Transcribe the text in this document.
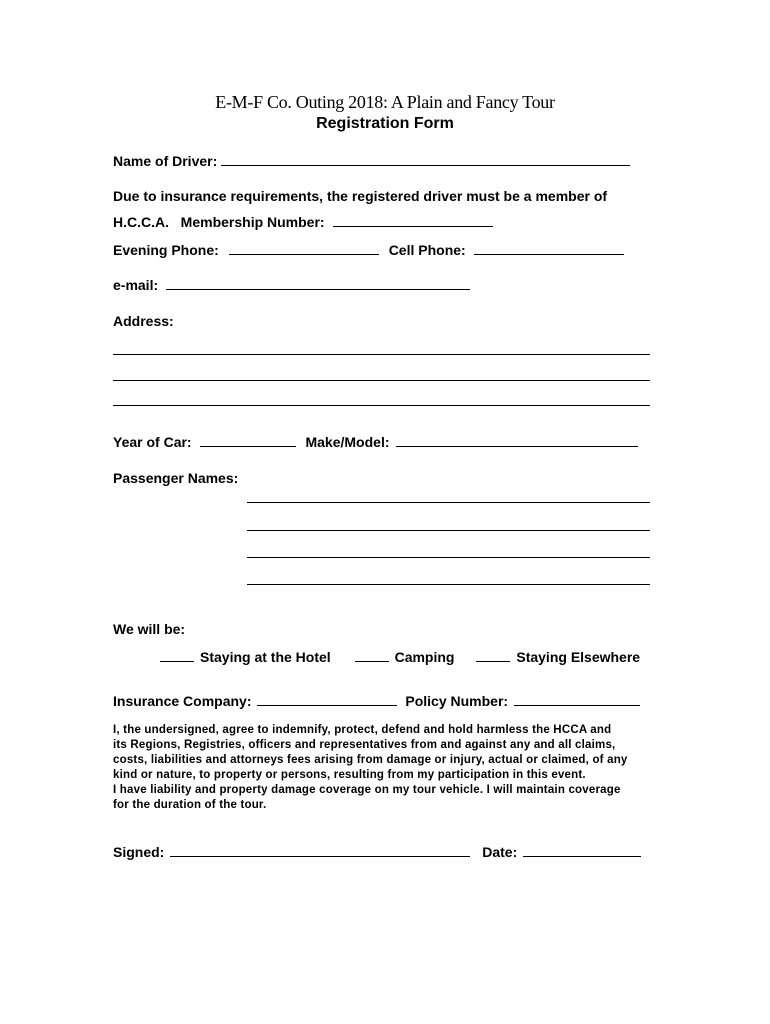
E-M-F Co. Outing 2018: A Plain and Fancy Tour
Registration Form
Name of Driver:
Due to insurance requirements, the registered driver must be a member of
H.C.C.A. Membership Number:
Evening Phone:	Cell Phone:
e-mail:
Address:
Year of Car:	Make/Model:
Passenger Names:
We will be:
Staying at the Hotel	Camping	Staying Elsewhere
Insurance Company:	Policy Number:
I, the undersigned, agree to indemnify, protect, defend and hold harmless the HCCA and
its Regions, Registries, officers and representatives from and against any and all claims,
costs, liabilities and attorneys fees arising from damage or injury, actual or claimed, of any
kind or nature, to property or persons, resulting from my participation in this event.
I have liability and property damage coverage on my tour vehicle. I will maintain coverage
for the duration of the tour.
Signed:	Date:
